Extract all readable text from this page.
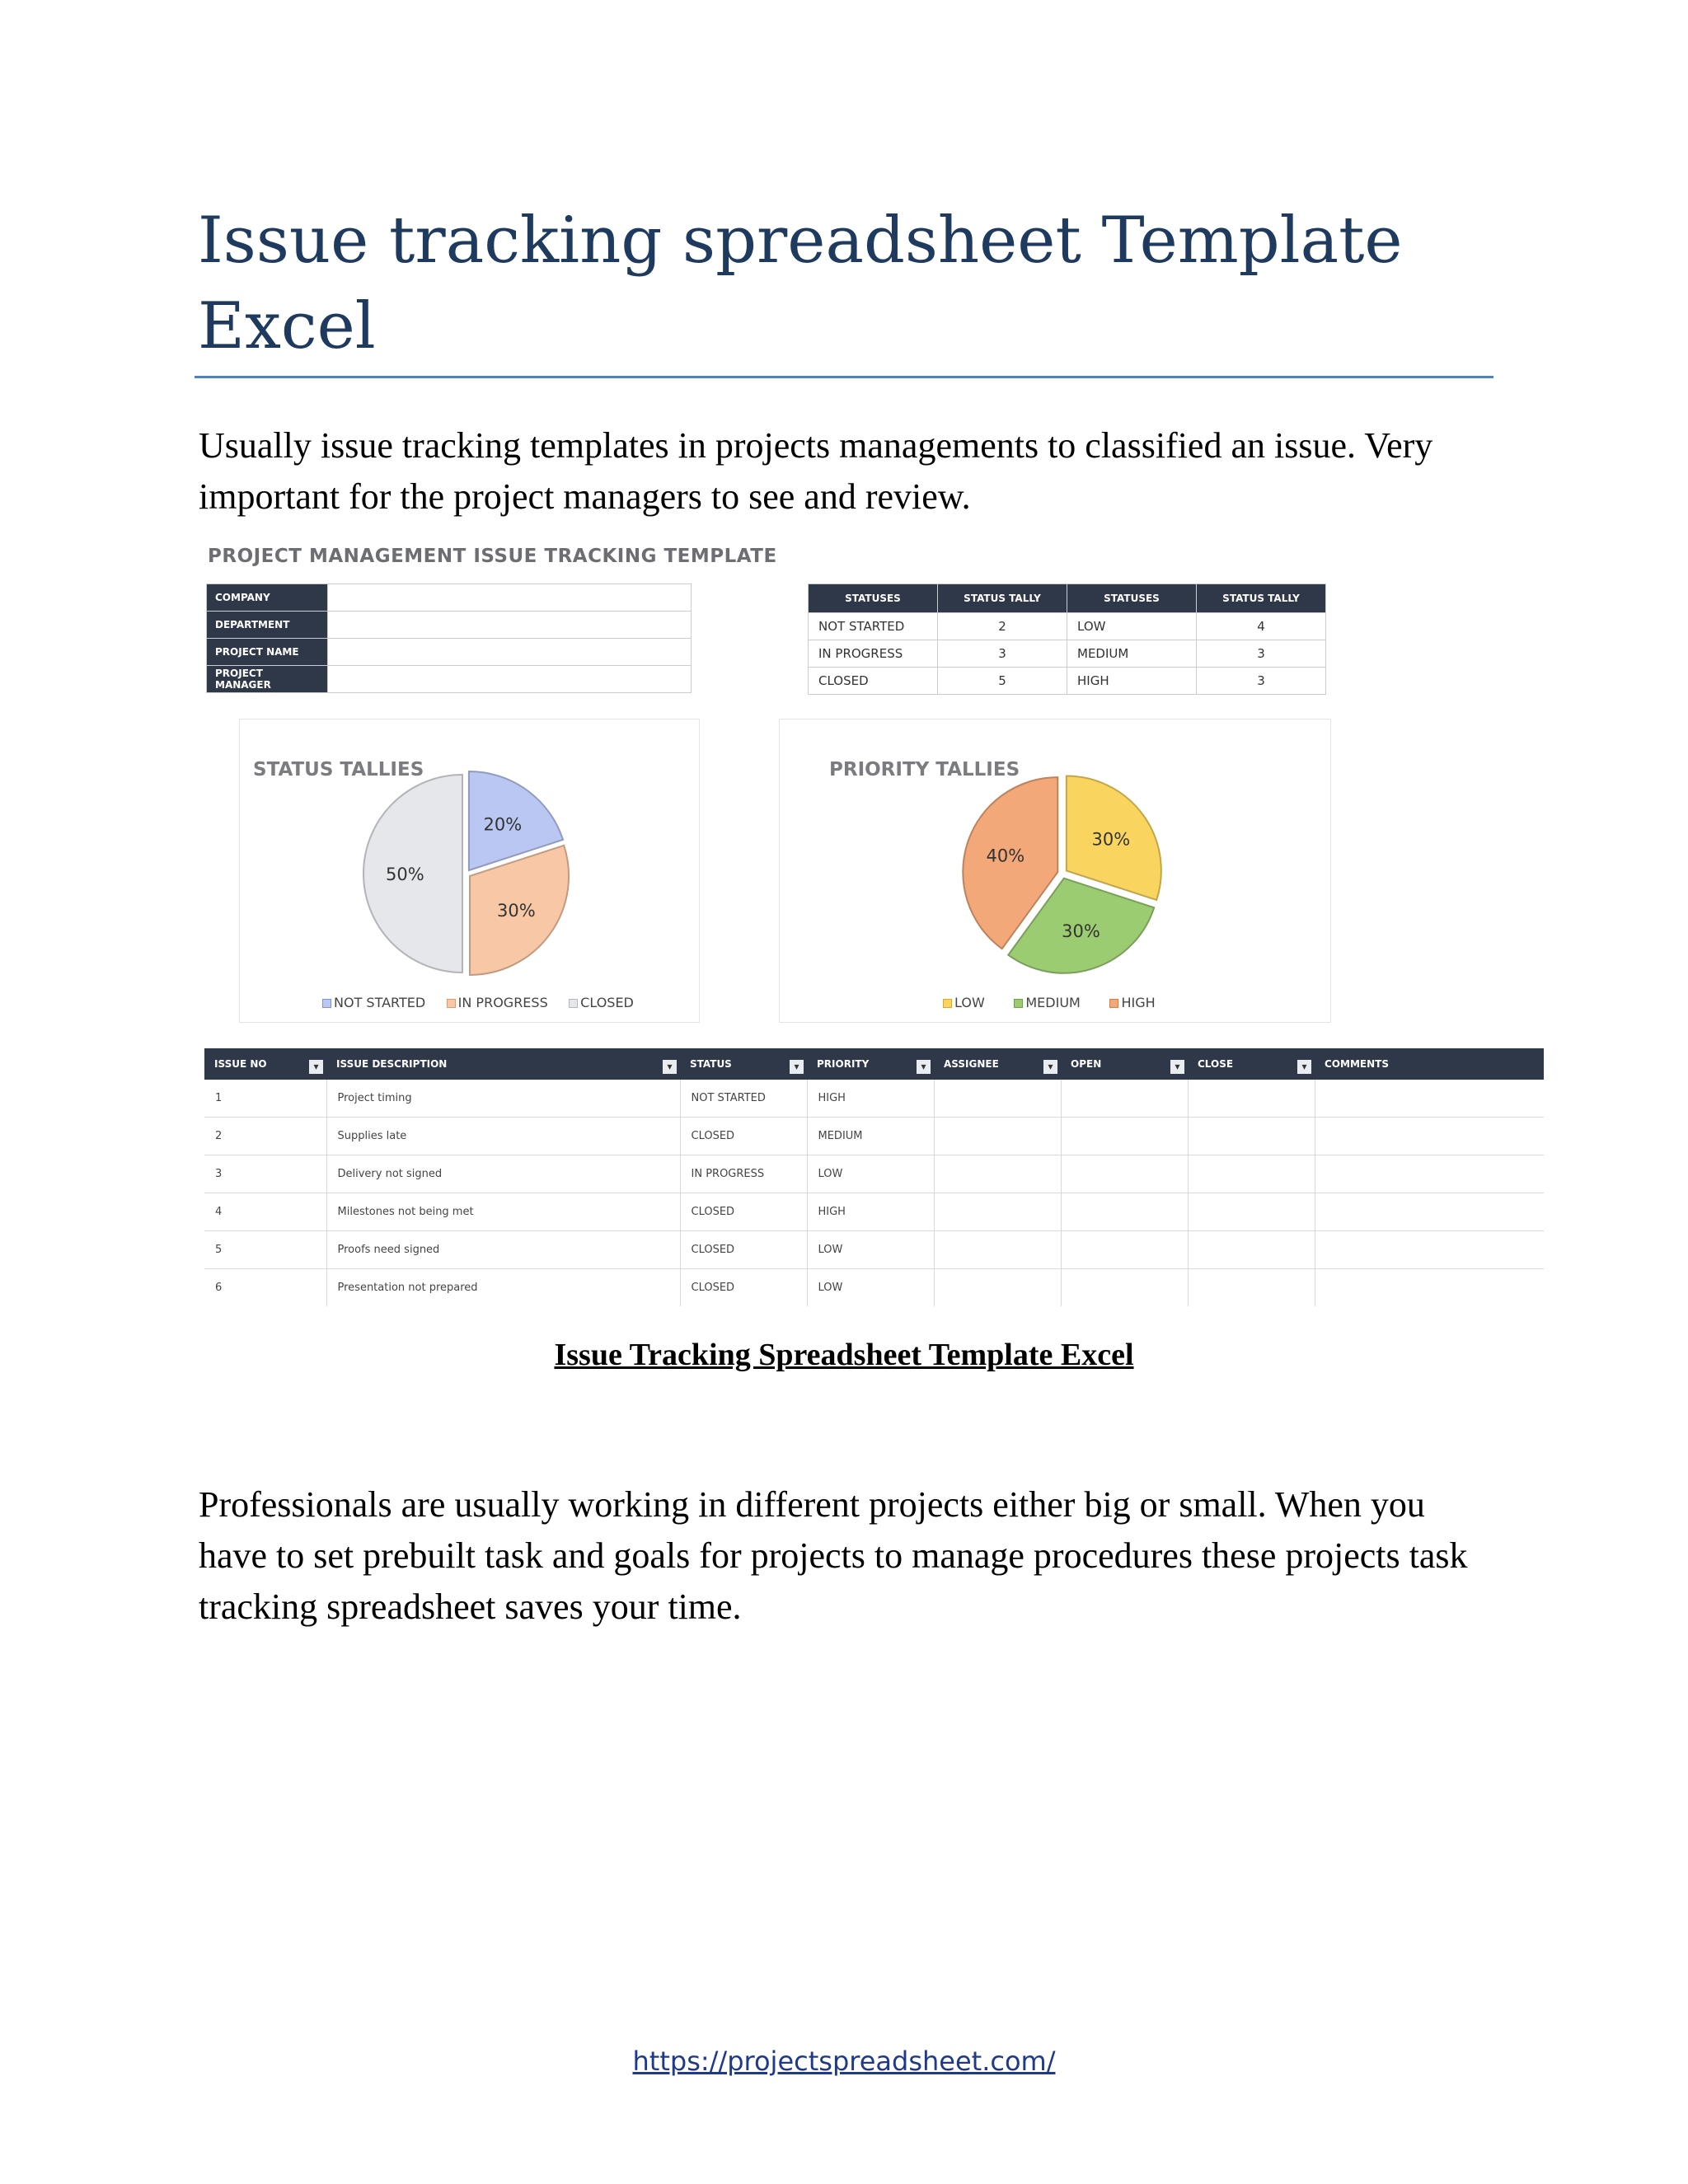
Issue tracking spreadsheet Template Excel

Usually issue tracking templates in projects managements to classified an issue. Very important for the project managers to see and review.

PROJECT MANAGEMENT ISSUE TRACKING TEMPLATE
COMPANY	
DEPARTMENT	
PROJECT NAME	
PROJECT MANAGER	
STATUSES	STATUS TALLY	STATUSES	STATUS TALLY
NOT STARTED	2	LOW	4
IN PROGRESS	3	MEDIUM	3
CLOSED	5	HIGH	3
STATUS TALLIES
20%
30%
50%
NOT STARTED IN PROGRESS CLOSED
PRIORITY TALLIES
30%
30%
40%
LOW	MEDIUM	HIGH
ISSUE NO ▾	ISSUE DESCRIPTION ▾	STATUS ▾	PRIORITY ▾	ASSIGNEE ▾	OPEN ▾	CLOSE ▾	COMMENTS
1	Project timing	NOT STARTED	HIGH				
2	Supplies late	CLOSED	MEDIUM				
3	Delivery not signed	IN PROGRESS	LOW				
4	Milestones not being met	CLOSED	HIGH				
5	Proofs need signed	CLOSED	LOW				
6	Presentation not prepared	CLOSED	LOW				
Issue Tracking Spreadsheet Template Excel

Professionals are usually working in different projects either big or small. When you have to set prebuilt task and goals for projects to manage procedures these projects task tracking spreadsheet saves your time.

https://projectspreadsheet.com/
